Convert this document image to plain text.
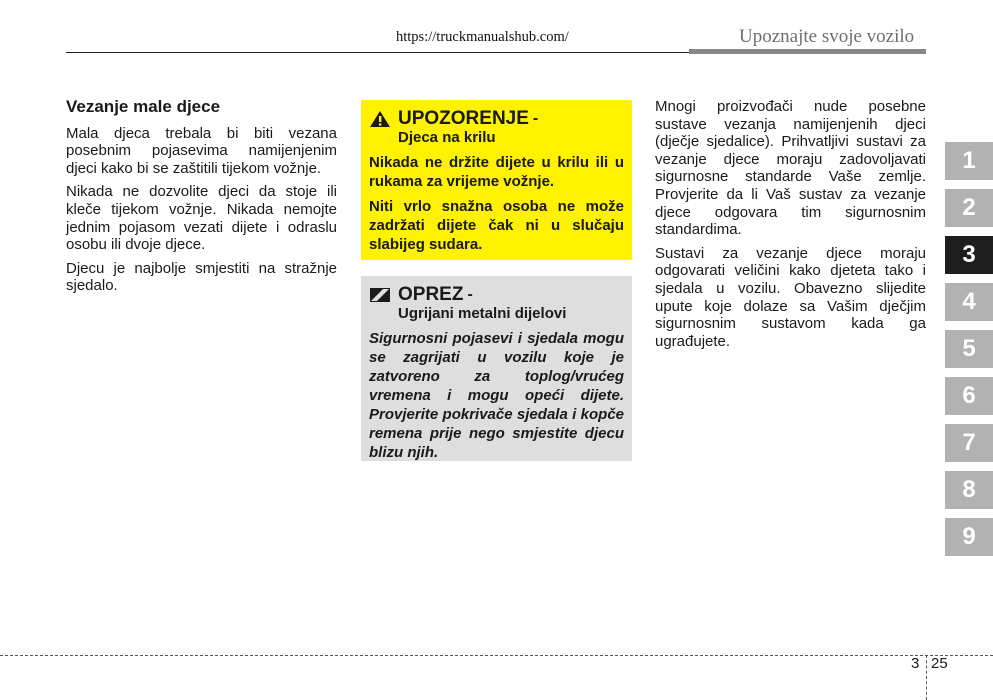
https://truckmanualshub.com/	Upoznajte svoje vozilo
Vezanje male djece

Mala djeca trebala bi biti vezana posebnim pojasevima namijenjenim djeci kako bi se zaštitili tijekom vožnje.

Nikada ne dozvolite djeci da stoje ili kleče tijekom vožnje. Nikada nemojte jednim pojasom vezati dijete i odraslu osobu ili dvoje djece.

Djecu je najbolje smjestiti na stražnje sjedalo.

UPOZORENJE -
Djeca na krilu

Nikada ne držite dijete u krilu ili u rukama za vrijeme vožnje.

Niti vrlo snažna osoba ne može zadržati dijete čak ni u slučaju slabijeg sudara.

OPREZ -
Ugrijani metalni dijelovi

Sigurnosni pojasevi i sjedala mogu se zagrijati u vozilu koje je zatvoreno za toplog/vrućeg vremena i mogu opeći dijete. Provjerite pokrivače sjedala i kopče remena prije nego smjestite djecu blizu njih.

Mnogi proizvođači nude posebne sustave vezanja namijenjenih djeci (dječje sjedalice). Prihvatljivi sustavi za vezanje djece moraju zadovoljavati sigurnosne standarde Vaše zemlje. Provjerite da li Vaš sustav za vezanje djece odgovara tim sigurnosnim standardima.

Sustavi za vezanje djece moraju odgovarati veličini kako djeteta tako i sjedala u vozilu. Obavezno slijedite upute koje dolaze sa Vašim dječjim sigurnosnim sustavom kada ga ugrađujete.

1
2
3
4
5
6
7
8
9
3 25
